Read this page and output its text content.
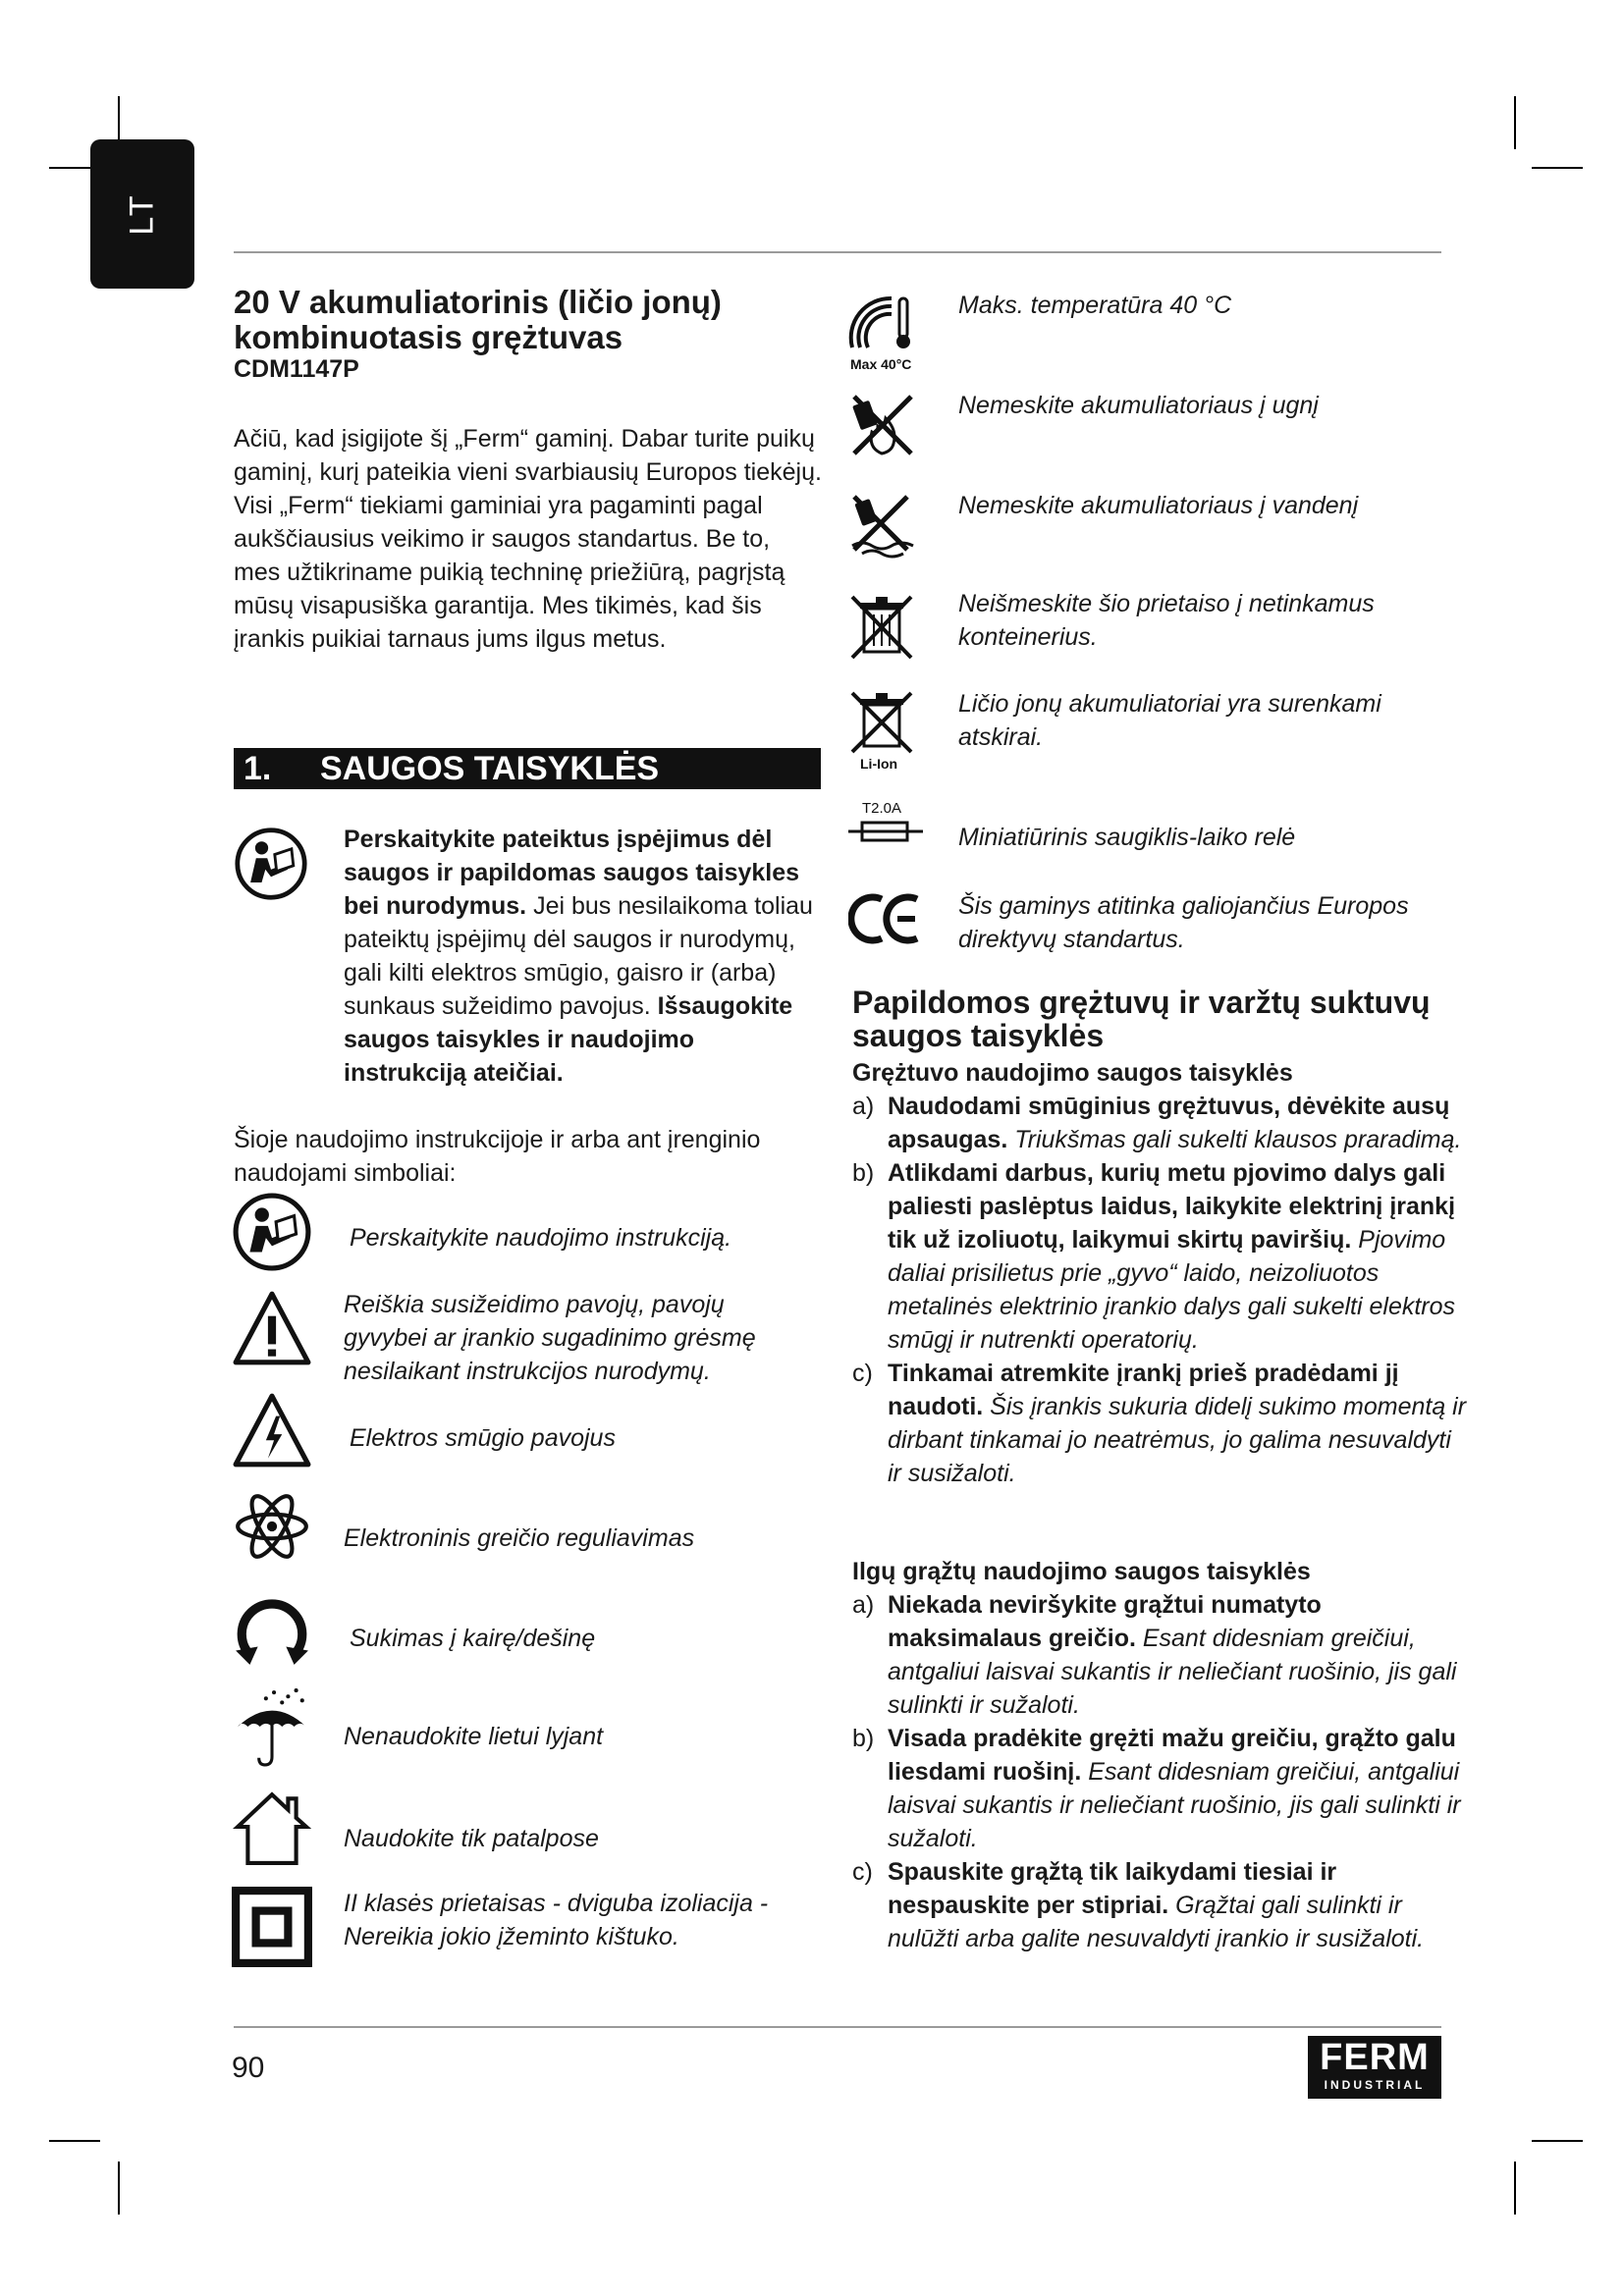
LT
20 V akumuliatorinis (ličio jonų) kombinuotasis grężtuvas
CDM1147P
Ačiū, kad įsigijote šį „Ferm“ gaminį. Dabar turite puikų gaminį, kurį pateikia vieni svarbiausių Europos tiekėjų. Visi „Ferm“ tiekiami gaminiai yra pagaminti pagal aukščiausius veikimo ir saugos standartus. Be to, mes užtikriname puikią techninę priežiūrą, pagrįstą mūsų visapusiška garantija. Mes tikimės, kad šis įrankis puikiai tarnaus jums ilgus metus.
1. SAUGOS TAISYKLĖS
Perskaitykite pateiktus įspėjimus dėl saugos ir papildomas saugos taisykles bei nurodymus. Jei bus nesilaikoma toliau pateiktų įspėjimų dėl saugos ir nurodymų, gali kilti elektros smūgio, gaisro ir (arba) sunkaus sužeidimo pavojus. Išsaugokite saugos taisykles ir naudojimo instrukciją ateičiai.
Šioje naudojimo instrukcijoje ir arba ant įrenginio naudojami simboliai:
Perskaitykite naudojimo instrukciją.
Reiškia susižeidimo pavojų, pavojų gyvybei ar įrankio sugadinimo grėsmę nesilaikant instrukcijos nurodymų.
Elektros smūgio pavojus
Elektroninis greičio reguliavimas
Sukimas į kairę/dešinę
Nenaudokite lietui lyjant
Naudokite tik patalpose
II klasės prietaisas - dviguba izoliacija - Nereikia jokio įžeminto kištuko.
Max 40°C
Maks. temperatūra 40 °C
Nemeskite akumuliatoriaus į ugnį
Nemeskite akumuliatoriaus į vandenį
Neišmeskite šio prietaiso į netinkamus konteinerius.
Li-Ion
Ličio jonų akumuliatoriai yra surenkami atskirai.
T2.0A
Miniatiūrinis saugiklis-laiko relė
Šis gaminys atitinka galiojančius Europos direktyvų standartus.
Papildomos grężtuvų ir varžtų suktuvų saugos taisyklės
Grężtuvo naudojimo saugos taisyklės
a) Naudodami smūginius grężtuvus, dėvėkite ausų apsaugas. Triukšmas gali sukelti klausos praradimą.
b) Atlikdami darbus, kurių metu pjovimo dalys gali paliesti paslėptus laidus, laikykite elektrinį įrankį tik už izoliuotų, laikymui skirtų paviršių. Pjovimo daliai prisilietus prie „gyvo“ laido, neizoliuotos metalinės elektrinio įrankio dalys gali sukelti elektros smūgį ir nutrenkti operatorių.
c) Tinkamai atremkite įrankį prieš pradėdami jį naudoti. Šis įrankis sukuria didelį sukimo momentą ir dirbant tinkamai jo neatrėmus, jo galima nesuvaldyti ir susižaloti.
Ilgų grąžtų naudojimo saugos taisyklės
a) Niekada neviršykite grąžtui numatyto maksimalaus greičio. Esant didesniam greičiui, antgaliui laisvai sukantis ir neliečiant ruošinio, jis gali sulinkti ir sužaloti.
b) Visada pradėkite grężti mažu greičiu, grąžto galu liesdami ruošinį. Esant didesniam greičiui, antgaliui laisvai sukantis ir neliečiant ruošinio, jis gali sulinkti ir sužaloti.
c) Spauskite grąžtą tik laikydami tiesiai ir nespauskite per stipriai. Grąžtai gali sulinkti ir nulūžti arba galite nesuvaldyti įrankio ir susižaloti.
90	FERM
INDUSTRIAL
